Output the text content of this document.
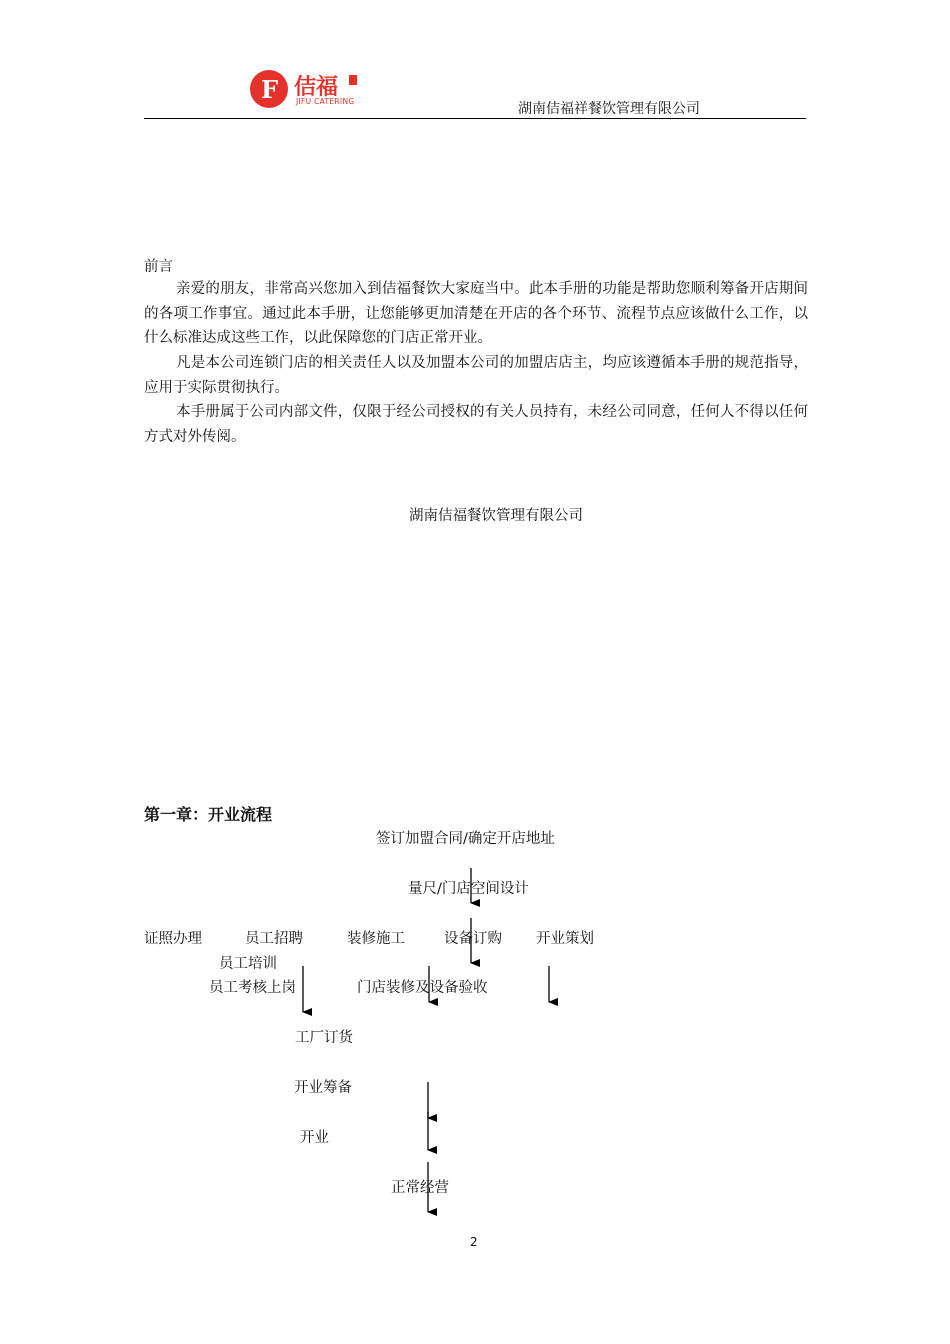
F 佶福
JIFU CATERING	湖南佶福祥餐饮管理有限公司
前言

亲爱的朋友，非常高兴您加入到佶福餐饮大家庭当中。此本手册的功能是帮助您顺利筹备开店期间的各项工作事宜。通过此本手册，让您能够更加清楚在开店的各个环节、流程节点应该做什么工作，以什么标准达成这些工作，以此保障您的门店正常开业。

凡是本公司连锁门店的相关责任人以及加盟本公司的加盟店店主，均应该遵循本手册的规范指导，应用于实际贯彻执行。

本手册属于公司内部文件，仅限于经公司授权的有关人员持有，未经公司同意，任何人不得以任何方式对外传阅。

湖南佶福餐饮管理有限公司
第一章：开业流程
签订加盟合同/确定开店地址
量尺/门店空间设计
证照办理	员工招聘	装修施工	设备订购 开业策划
员工培训
员工考核上岗	门店装修及设备验收
工厂订货
开业筹备
开业
正常经营
2
